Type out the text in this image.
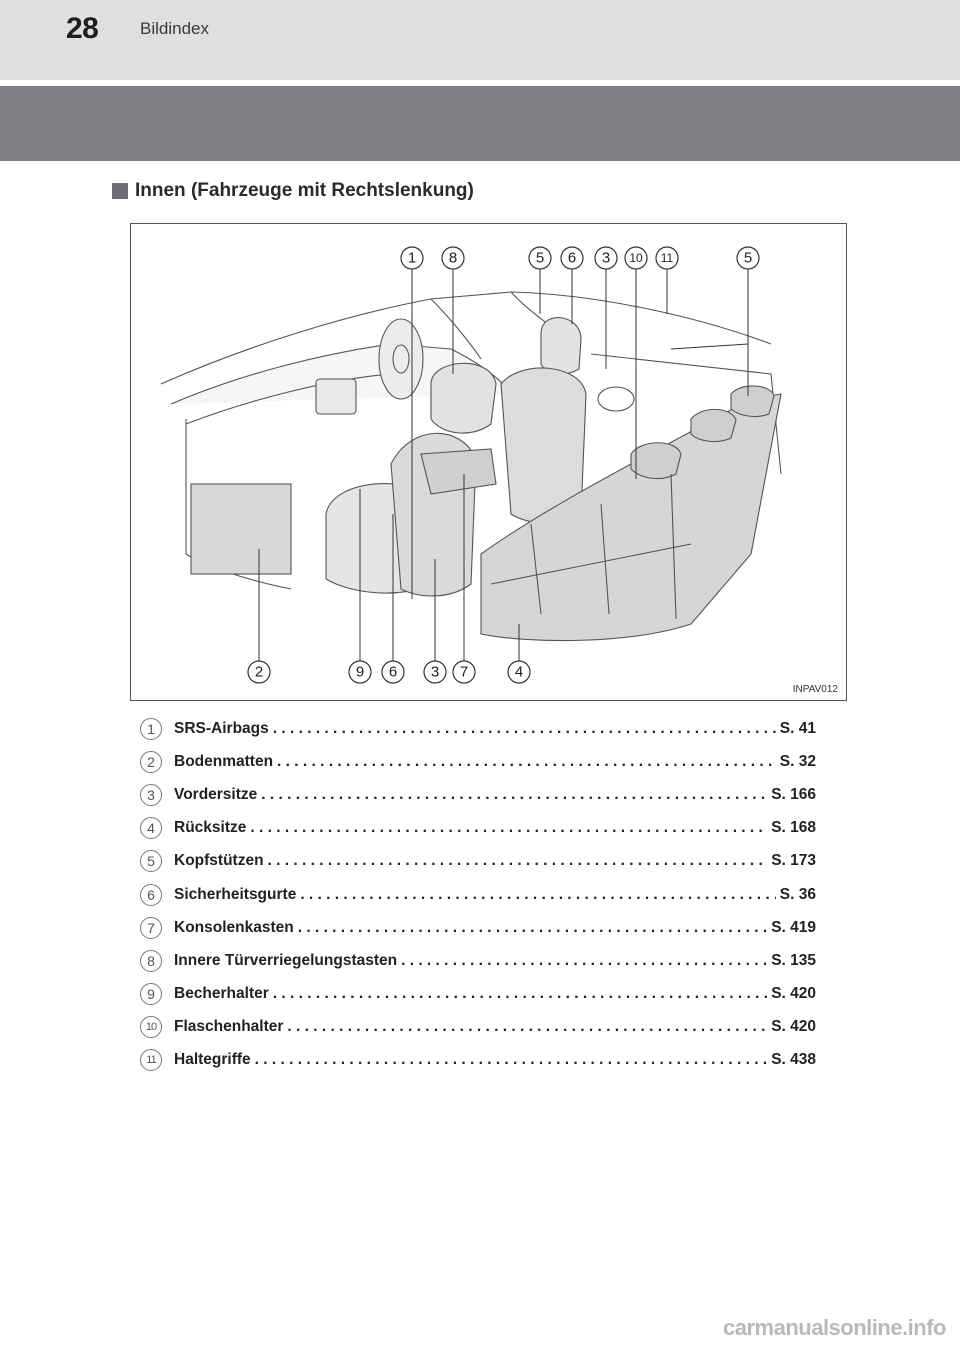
28 Bildindex
Innen (Fahrzeuge mit Rechtslenkung)
1 8	5 6 3 10 11	5
2	9 6 3 7	4
INPAV012
1	SRS-Airbags . . .	S. 41
2	Bodenmatten . . .	S. 32
3	Vordersitze . . .	S. 166
4	Rücksitze . . .	S. 168
5	Kopfstützen . . .	S. 173
6	Sicherheitsgurte . . .	S. 36
7	Konsolenkasten . . .	S. 419
8	Innere Türverriegelungstasten . . .	S. 135
9	Becherhalter . . .	S. 420
10	Flaschenhalter . . .	S. 420
11	Haltegriffe . . .	S. 438
carmanualsonline.info
